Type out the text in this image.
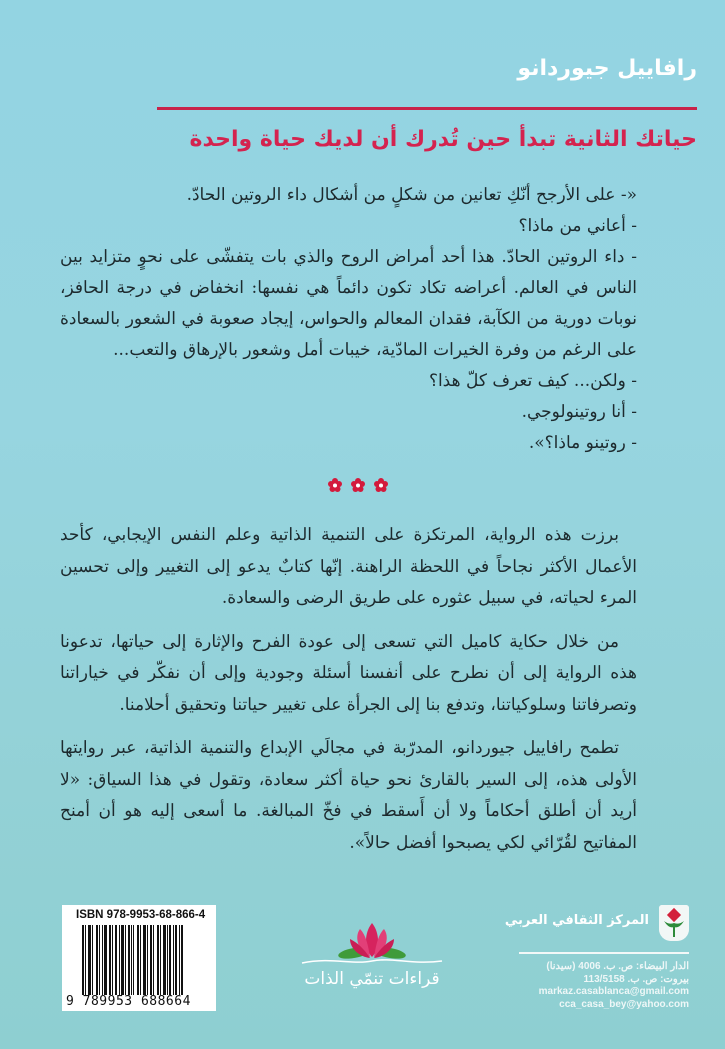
رافاييل جيوردانو
حياتك الثانية تبدأ حين تُدرك أن لديك حياة واحدة

«- على الأرجح أنّكِ تعانين من شكلٍ من أشكال داء الروتين الحادّ.

- أعاني من ماذا؟

- داء الروتين الحادّ. هذا أحد أمراض الروح والذي بات يتفشّى على نحوٍ متزايد بين الناس في العالم. أعراضه تكاد تكون دائماً هي نفسها: انخفاض في درجة الحافز، نوبات دورية من الكآبة، فقدان المعالم والحواس، إيجاد صعوبة في الشعور بالسعادة على الرغم من وفرة الخيرات المادّية، خيبات أمل وشعور بالإرهاق والتعب...

- ولكن... كيف تعرف كلّ هذا؟

- أنا روتينولوجي.

- روتينو ماذا؟».

برزت هذه الرواية، المرتكزة على التنمية الذاتية وعلم النفس الإيجابي، كأحد الأعمال الأكثر نجاحاً في اللحظة الراهنة. إنّها كتابٌ يدعو إلى التغيير وإلى تحسين المرء لحياته، في سبيل عثوره على طريق الرضى والسعادة.

من خلال حكاية كاميل التي تسعى إلى عودة الفرح والإثارة إلى حياتها، تدعونا هذه الرواية إلى أن نطرح على أنفسنا أسئلة وجودية وإلى أن نفكّر في خياراتنا وتصرفاتنا وسلوكياتنا، وتدفع بنا إلى الجرأة على تغيير حياتنا وتحقيق أحلامنا.

تطمح رافاييل جيوردانو، المدرّبة في مجالَي الإبداع والتنمية الذاتية، عبر روايتها الأولى هذه، إلى السير بالقارئ نحو حياة أكثر سعادة، وتقول في هذا السياق: «لا أريد أن أطلق أحكاماً ولا أن أَسقط في فخّ المبالغة. ما أسعى إليه هو أن أمنح المفاتيح لقُرّائي لكي يصبحوا أفضل حالاً».

ISBN 978-9953-68-866-4
9 789953 688664
قراءات تنمّي الذات
المركز الثقافي العربي
الدار البيضاء: ص. ب. 4006 (سيدنا)
بيروت: ص. ب. 113/5158
markaz.casablanca@gmail.com
cca_casa_bey@yahoo.com
